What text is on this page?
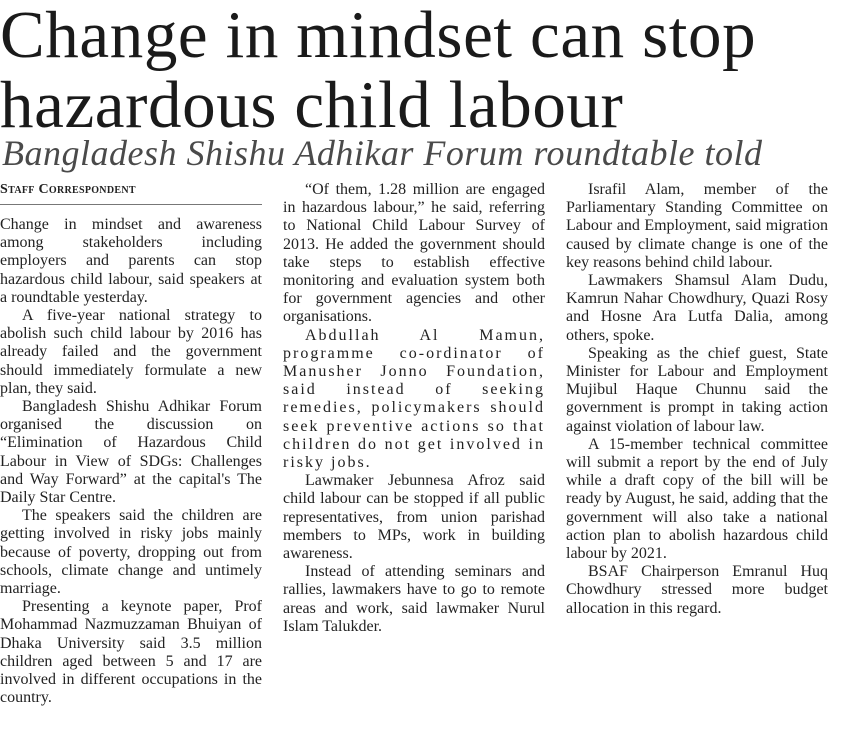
Change in mindset can stop
hazardous child labour
Bangladesh Shishu Adhikar Forum roundtable told
Staff Correspondent

Change in mindset and awareness among stakeholders including employers and parents can stop hazardous child labour, said speakers at a roundtable yesterday.

A five-year national strategy to abolish such child labour by 2016 has already failed and the government should immediately formulate a new plan, they said.

Bangladesh Shishu Adhikar Forum organised the discussion on “Elimination of Hazardous Child Labour in View of SDGs: Challenges and Way Forward” at the capital's The Daily Star Centre.

The speakers said the children are getting involved in risky jobs mainly because of poverty, dropping out from schools, climate change and untimely marriage.

Presenting a keynote paper, Prof Mohammad Nazmuzzaman Bhuiyan of Dhaka University said 3.5 million children aged between 5 and 17 are involved in different occupations in the country.

“Of them, 1.28 million are engaged in hazardous labour,” he said, referring to National Child Labour Survey of 2013. He added the government should take steps to establish effective monitoring and evaluation system both for government agencies and other organisations.

Abdullah Al Mamun, programme co-ordinator of Manusher Jonno Foundation, said instead of seeking remedies, policymakers should seek preventive actions so that children do not get involved in risky jobs.

Lawmaker Jebunnesa Afroz said child labour can be stopped if all public representatives, from union parishad members to MPs, work in building awareness.

Instead of attending seminars and rallies, lawmakers have to go to remote areas and work, said lawmaker Nurul Islam Talukder.

Israfil Alam, member of the Parliamentary Standing Committee on Labour and Employment, said migration caused by climate change is one of the key reasons behind child labour.

Lawmakers Shamsul Alam Dudu, Kamrun Nahar Chowdhury, Quazi Rosy and Hosne Ara Lutfa Dalia, among others, spoke.

Speaking as the chief guest, State Minister for Labour and Employment Mujibul Haque Chunnu said the government is prompt in taking action against violation of labour law.

A 15-member technical committee will submit a report by the end of July while a draft copy of the bill will be ready by August, he said, adding that the government will also take a national action plan to abolish hazardous child labour by 2021.

BSAF Chairperson Emranul Huq Chowdhury stressed more budget allocation in this regard.
